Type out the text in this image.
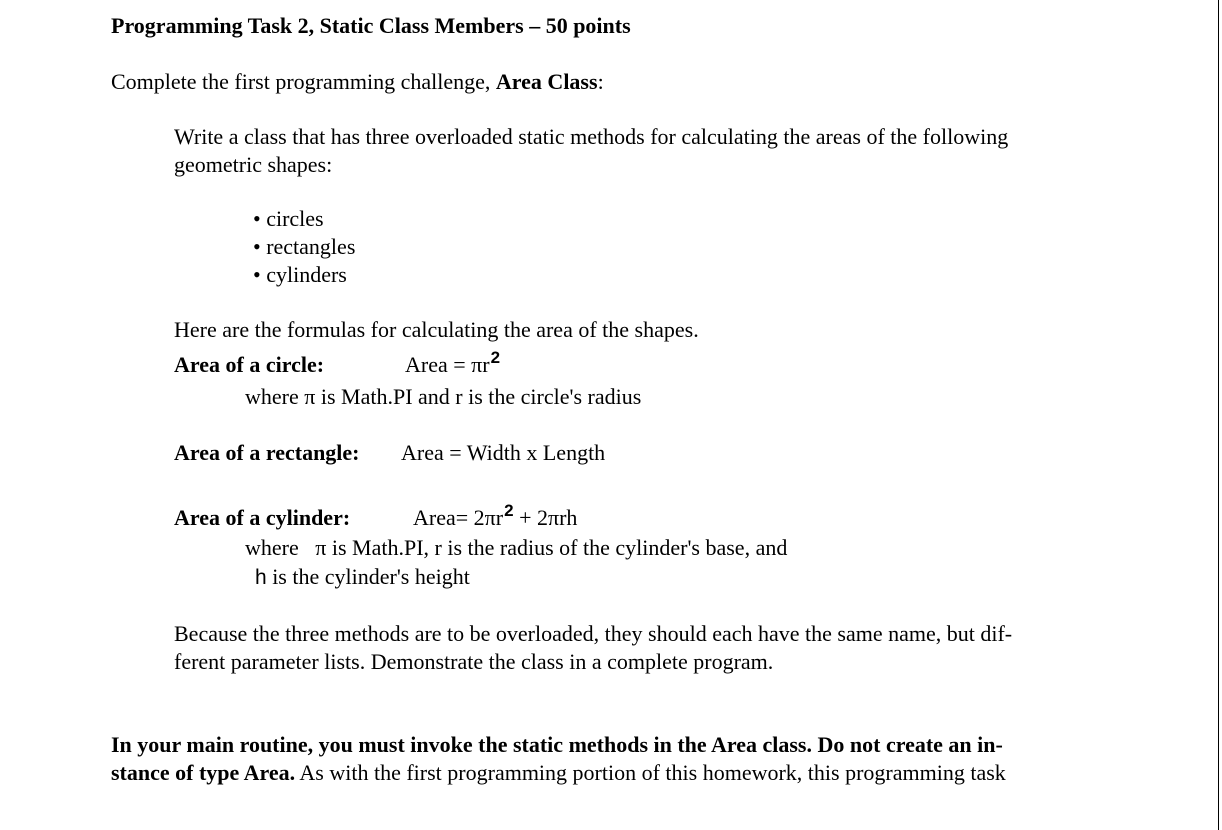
Programming Task 2, Static Class Members – 50 points
Complete the first programming challenge, Area Class:
Write a class that has three overloaded static methods for calculating the areas of the following
geometric shapes:
• circles
• rectangles
• cylinders
Here are the formulas for calculating the area of the shapes.
Area of a circle:	Area = $\pi r^2$
where π is Math.PI and r is the circle's radius
Area of a rectangle: Area = Width x Length
Area of a cylinder:	Area= $2\pi r^2 + 2\pi rh$
where   π is Math.PI, r is the radius of the cylinder's base, and
h is the cylinder's height
Because the three methods are to be overloaded, they should each have the same name, but dif-
ferent parameter lists. Demonstrate the class in a complete program.
In your main routine, you must invoke the static methods in the Area class. Do not create an in-
stance of type Area. As with the first programming portion of this homework, this programming task
